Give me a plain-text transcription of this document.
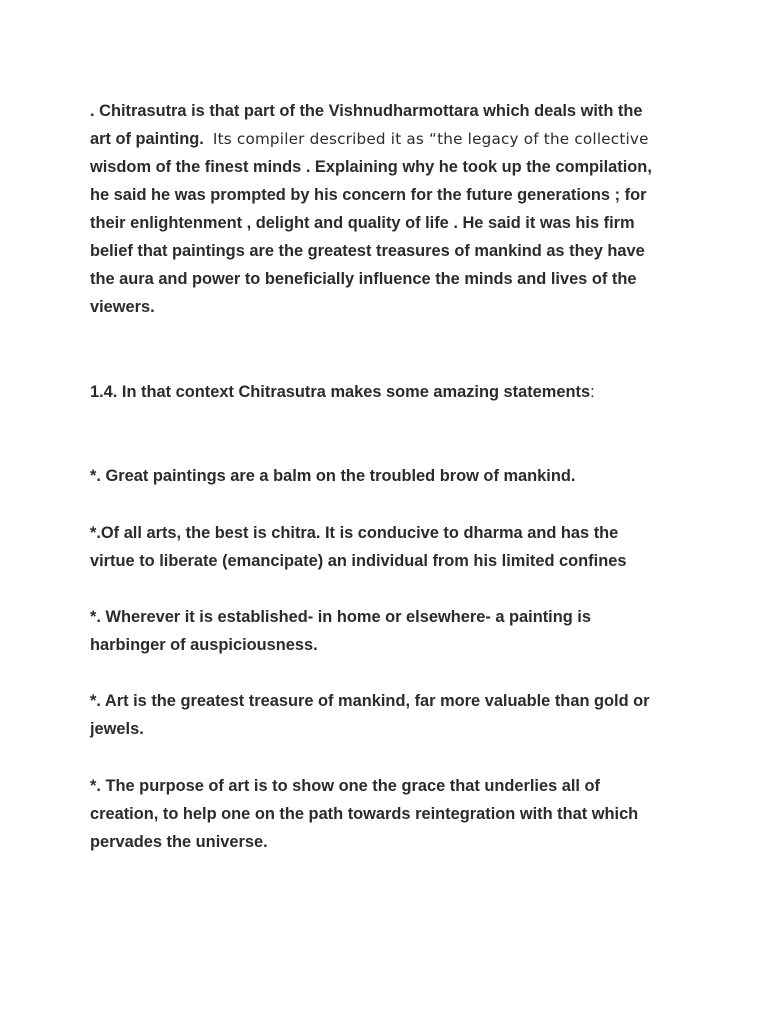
. Chitrasutra is that part of the Vishnudharmottara which deals with the
art of painting.  Its compiler described it as “the legacy of the collective
wisdom of the finest minds . Explaining why he took up the compilation,
he said he was prompted by his concern for the future generations ; for
their enlightenment , delight and quality of life . He said it was his firm
belief that paintings are the greatest treasures of mankind as they have
the aura and power to beneficially influence the minds and lives of the
viewers.
1.4. In that context Chitrasutra makes some amazing statements:
*. Great paintings are a balm on the troubled brow of mankind.
*.Of all arts, the best is chitra. It is conducive to dharma and has the
virtue to liberate (emancipate) an individual from his limited confines
*. Wherever it is established- in home or elsewhere- a painting is
harbinger of auspiciousness.
*. Art is the greatest treasure of mankind, far more valuable than gold or
jewels.
*. The purpose of art is to show one the grace that underlies all of
creation, to help one on the path towards reintegration with that which
pervades the universe.
